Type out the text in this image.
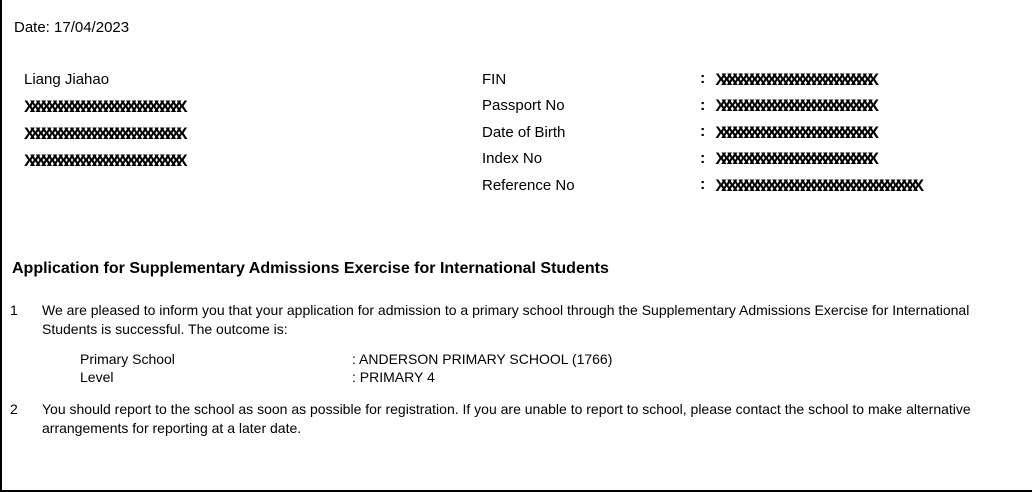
Date: 17/04/2023
Liang Jiahao
XXXXXXXXXXXXXXXXXXXXXXXXXXXX
XXXXXXXXXXXXXXXXXXXXXXXXXXXX
XXXXXXXXXXXXXXXXXXXXXXXXXXXX
FIN	: XXXXXXXXXXXXXXXXXXXXXXXXXXXX
Passport No	: XXXXXXXXXXXXXXXXXXXXXXXXXXXX
Date of Birth	: XXXXXXXXXXXXXXXXXXXXXXXXXXXX
Index No	: XXXXXXXXXXXXXXXXXXXXXXXXXXXX
Reference No	: XXXXXXXXXXXXXXXXXXXXXXXXXXXXXXXXXXXX
Application for Supplementary Admissions Exercise for International Students
1	We are pleased to inform you that your application for admission to a primary school through the Supplementary Admissions Exercise for International
Students is successful. The outcome is:
Primary School	: ANDERSON PRIMARY SCHOOL (1766)
Level	: PRIMARY 4
2	You should report to the school as soon as possible for registration. If you are unable to report to school, please contact the school to make alternative
arrangements for reporting at a later date.
